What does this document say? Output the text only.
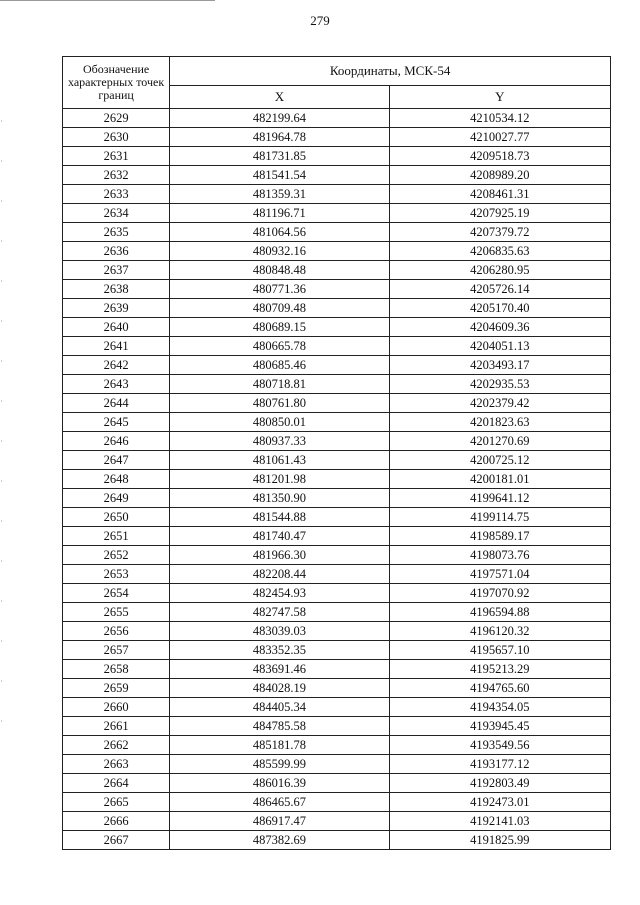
279
Обозначение характерных точек границ	Координаты, МСК-54	
	X	Y
2629	482199.64	4210534.12
2630	481964.78	4210027.77
2631	481731.85	4209518.73
2632	481541.54	4208989.20
2633	481359.31	4208461.31
2634	481196.71	4207925.19
2635	481064.56	4207379.72
2636	480932.16	4206835.63
2637	480848.48	4206280.95
2638	480771.36	4205726.14
2639	480709.48	4205170.40
2640	480689.15	4204609.36
2641	480665.78	4204051.13
2642	480685.46	4203493.17
2643	480718.81	4202935.53
2644	480761.80	4202379.42
2645	480850.01	4201823.63
2646	480937.33	4201270.69
2647	481061.43	4200725.12
2648	481201.98	4200181.01
2649	481350.90	4199641.12
2650	481544.88	4199114.75
2651	481740.47	4198589.17
2652	481966.30	4198073.76
2653	482208.44	4197571.04
2654	482454.93	4197070.92
2655	482747.58	4196594.88
2656	483039.03	4196120.32
2657	483352.35	4195657.10
2658	483691.46	4195213.29
2659	484028.19	4194765.60
2660	484405.34	4194354.05
2661	484785.58	4193945.45
2662	485181.78	4193549.56
2663	485599.99	4193177.12
2664	486016.39	4192803.49
2665	486465.67	4192473.01
2666	486917.47	4192141.03
2667	487382.69	4191825.99
